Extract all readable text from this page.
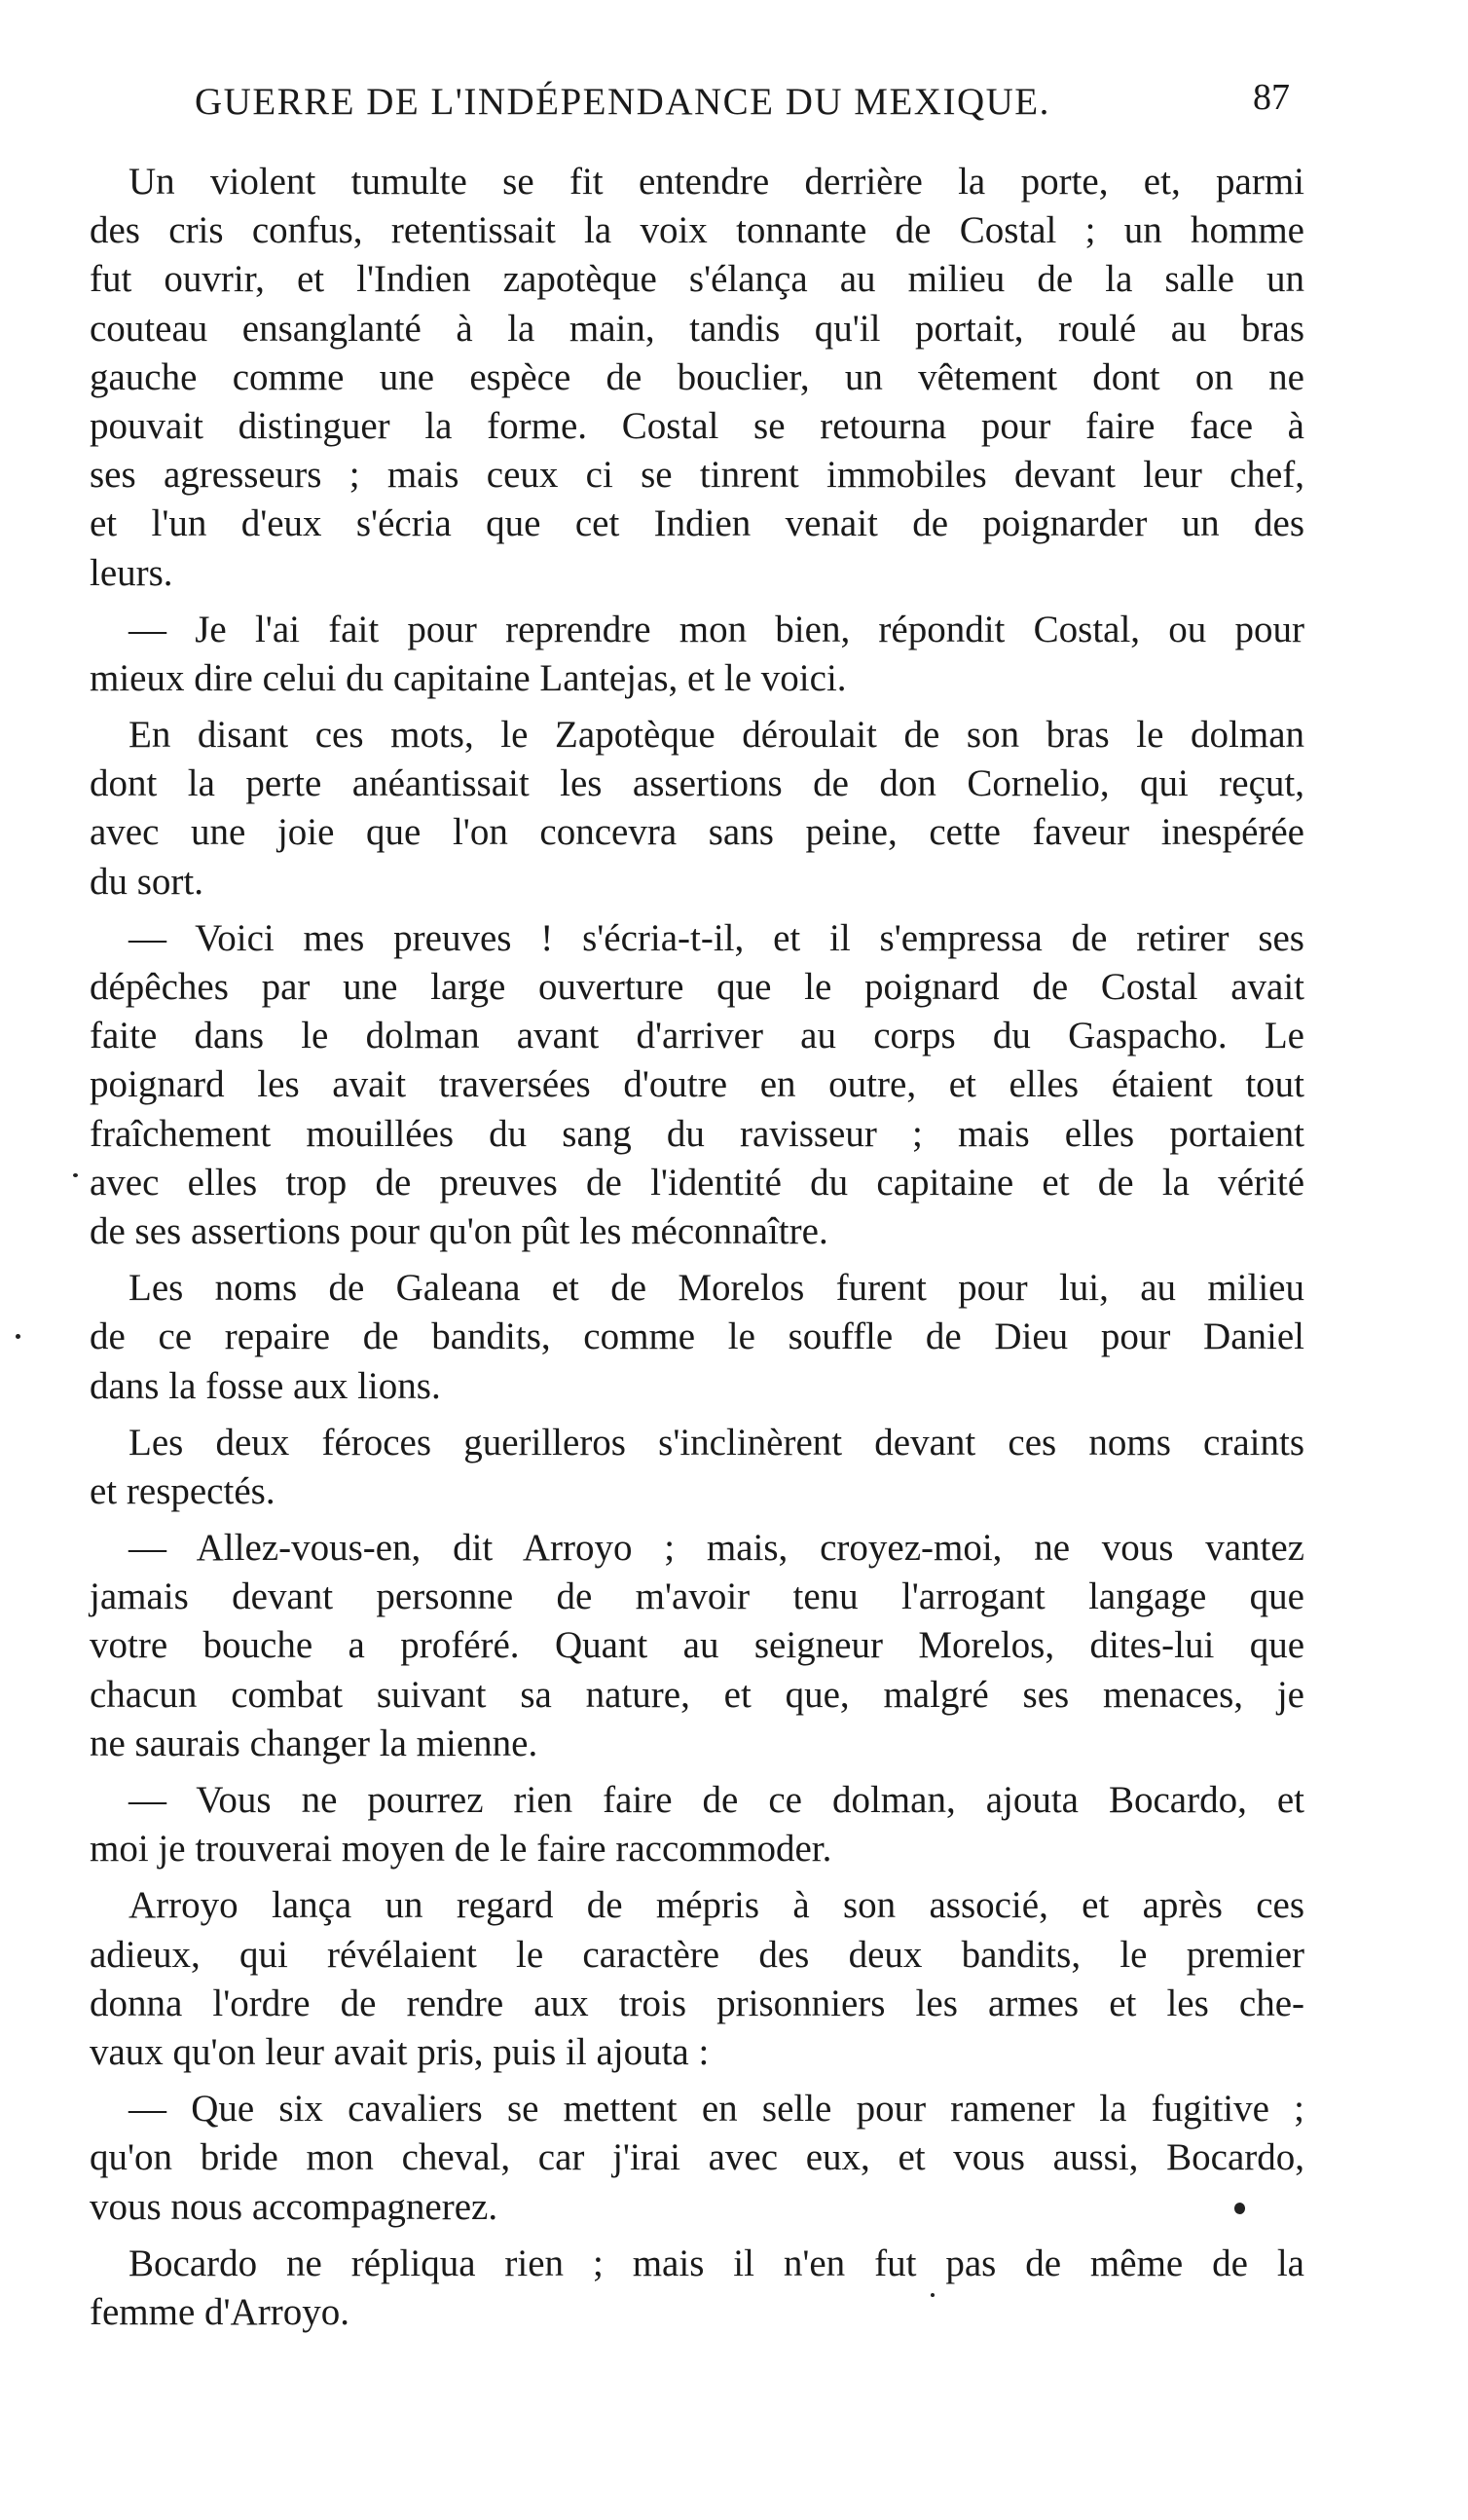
GUERRE DE L'INDÉPENDANCE DU MEXIQUE.	87
Un violent tumulte se fit entendre derrière la porte, et, parmi
des cris confus, retentissait la voix tonnante de Costal ; un homme
fut ouvrir, et l'Indien zapotèque s'élança au milieu de la salle un
couteau ensanglanté à la main, tandis qu'il portait, roulé au bras
gauche comme une espèce de bouclier, un vêtement dont on ne
pouvait distinguer la forme. Costal se retourna pour faire face à
ses agresseurs ; mais ceux ci se tinrent immobiles devant leur chef,
et l'un d'eux s'écria que cet Indien venait de poignarder un des
leurs.
— Je l'ai fait pour reprendre mon bien, répondit Costal, ou pour
mieux dire celui du capitaine Lantejas, et le voici.
En disant ces mots, le Zapotèque déroulait de son bras le dolman
dont la perte anéantissait les assertions de don Cornelio, qui reçut,
avec une joie que l'on concevra sans peine, cette faveur inespérée
du sort.
— Voici mes preuves ! s'écria-t-il, et il s'empressa de retirer ses
dépêches par une large ouverture que le poignard de Costal avait
faite dans le dolman avant d'arriver au corps du Gaspacho. Le
poignard les avait traversées d'outre en outre, et elles étaient tout
fraîchement mouillées du sang du ravisseur ; mais elles portaient
avec elles trop de preuves de l'identité du capitaine et de la vérité
de ses assertions pour qu'on pût les méconnaître.
Les noms de Galeana et de Morelos furent pour lui, au milieu
de ce repaire de bandits, comme le souffle de Dieu pour Daniel
dans la fosse aux lions.
Les deux féroces guerilleros s'inclinèrent devant ces noms craints
et respectés.
— Allez-vous-en, dit Arroyo ; mais, croyez-moi, ne vous vantez
jamais devant personne de m'avoir tenu l'arrogant langage que
votre bouche a proféré. Quant au seigneur Morelos, dites-lui que
chacun combat suivant sa nature, et que, malgré ses menaces, je
ne saurais changer la mienne.
— Vous ne pourrez rien faire de ce dolman, ajouta Bocardo, et
moi je trouverai moyen de le faire raccommoder.
Arroyo lança un regard de mépris à son associé, et après ces
adieux, qui révélaient le caractère des deux bandits, le premier
donna l'ordre de rendre aux trois prisonniers les armes et les che-
vaux qu'on leur avait pris, puis il ajouta :
— Que six cavaliers se mettent en selle pour ramener la fugitive ;
qu'on bride mon cheval, car j'irai avec eux, et vous aussi, Bocardo,
vous nous accompagnerez.
Bocardo ne répliqua rien ; mais il n'en fut pas de même de la
femme d'Arroyo.
